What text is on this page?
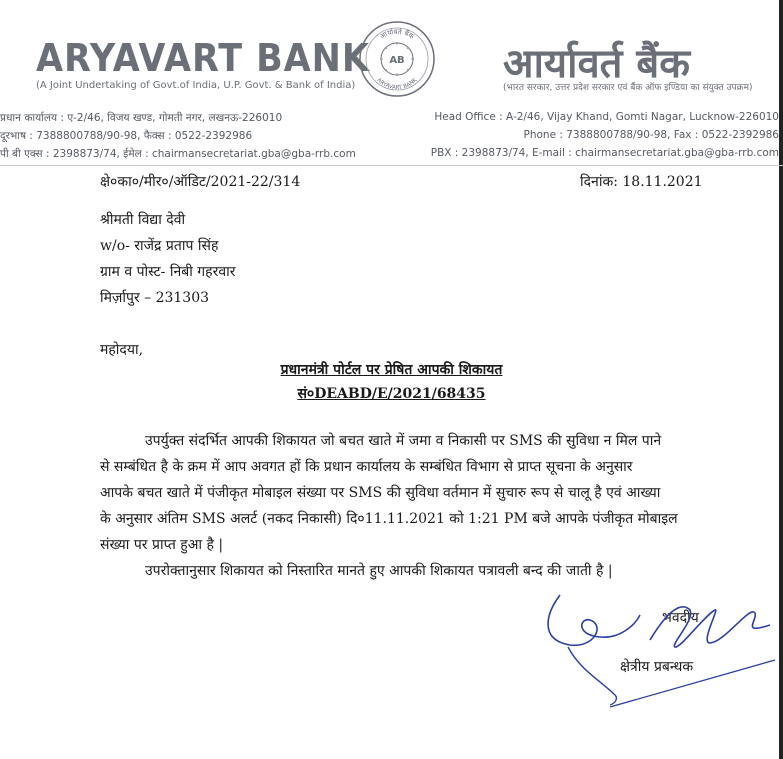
ARYAVART BANK
(A Joint Undertaking of Govt.of India, U.P. Govt. & Bank of India)
आर्यावर्त बैंक
ARYAVART BANK
AB आर्यावर्त बैंक
(भारत सरकार, उत्तर प्रदेश सरकार एवं बैंक ऑफ इण्डिया का संयुक्त उपक्रम)
प्रधान कार्यालय : ए-2/46, विजय खण्ड, गोमती नगर, लखनऊ-226010
दूरभाष : 7388800788/90-98, फैक्स : 0522-2392986
पी बी एक्स : 2398873/74, ईमेल : chairmansecretariat.gba@gba-rrb.com
Head Office : A-2/46, Vijay Khand, Gomti Nagar, Lucknow-226010
Phone : 7388800788/90-98, Fax : 0522-2392986
PBX : 2398873/74, E-mail : chairmansecretariat.gba@gba-rrb.com
क्षे०का०/मीर०/ऑडिट/2021-22/314	दिनांक: 18.11.2021
श्रीमती विद्या देवी
w/o- राजेंद्र प्रताप सिंह
ग्राम व पोस्ट- निबी गहरवार
मिर्ज़ापुर – 231303
महोदया,
प्रधानमंत्री पोर्टल पर प्रेषित आपकी शिकायत
सं०DEABD/E/2021/68435
उपर्युक्त संदर्भित आपकी शिकायत जो बचत खाते में जमा व निकासी पर SMS की सुविधा न मिल पाने
से सम्बंधित है के क्रम में आप अवगत हों कि प्रधान कार्यालय के सम्बंधित विभाग से प्राप्त सूचना के अनुसार
आपके बचत खाते में पंजीकृत मोबाइल संख्या पर SMS की सुविधा वर्तमान में सुचारु रूप से चालू है एवं आख्या
के अनुसार अंतिम SMS अलर्ट (नकद निकासी) दि०11.11.2021 को 1:21 PM बजे आपके पंजीकृत मोबाइल
संख्या पर प्राप्त हुआ है |
उपरोक्तानुसार शिकायत को निस्तारित मानते हुए आपकी शिकायत पत्रावली बन्द की जाती है |
भवदीय
क्षेत्रीय प्रबन्धक
